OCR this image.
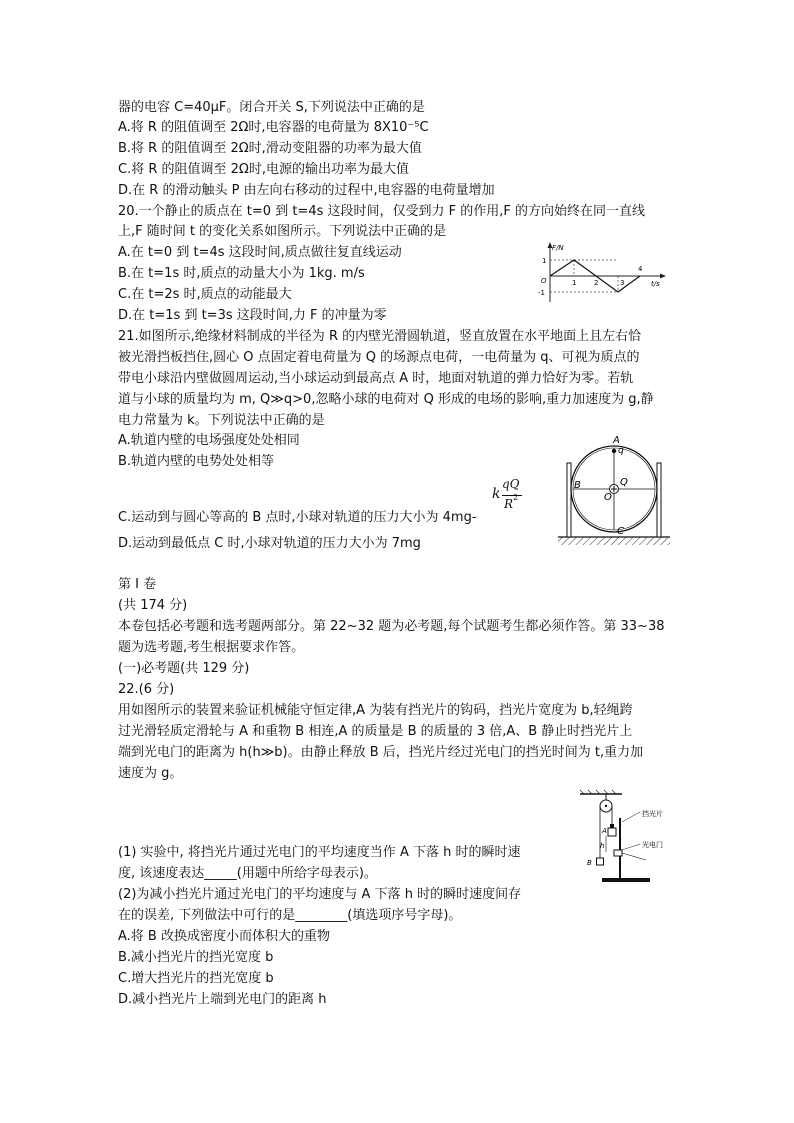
器的电容 C=40μF。闭合开关 S,下列说法中正确的是
A.将 R 的阻值调至 2Ω时,电容器的电荷量为 8X10⁻⁵C
B.将 R 的阻值调至 2Ω时,滑动变阻器的功率为最大值
C.将 R 的阻值调至 2Ω时,电源的输出功率为最大值
D.在 R 的滑动触头 P 由左向右移动的过程中,电容器的电荷量增加
20.一个静止的质点在 t=0 到 t=4s 这段时间，仅受到力 F 的作用,F 的方向始终在同一直线
上,F 随时间 t 的变化关系如图所示。下列说法中正确的是
A.在 t=0 到 t=4s 这段时间,质点做往复直线运动
B.在 t=1s 时,质点的动量大小为 1kg. m/s
C.在 t=2s 时,质点的动能最大
D.在 t=1s 到 t=3s 这段时间,力 F 的冲量为零
F/N
t/s
O
1
-1
1	2	3
4
21.如图所示,绝缘材料制成的半径为 R 的内壁光滑圆轨道，竖直放置在水平地面上且左右恰
被光滑挡板挡住,圆心 O 点固定着电荷量为 Q 的场源点电荷，一电荷量为 q、可视为质点的
带电小球沿内壁做圆周运动,当小球运动到最高点 A 时，地面对轨道的弹力恰好为零。若轨
道与小球的质量均为 m, Q≫q>0,忽略小球的电荷对 Q 形成的电场的影响,重力加速度为 g,静
电力常量为 k。下列说法中正确的是
A.轨道内壁的电场强度处处相同
B.轨道内壁的电势处处相等
C.运动到与圆心等高的 B 点时,小球对轨道的压力大小为 4mg-
D.运动到最低点 C 时,小球对轨道的压力大小为 7mg
k
qQ
R 2
A
q
B	Q
O
C
第 I 卷
(共 174 分)
本卷包括必考题和选考题两部分。第 22~32 题为必考题,每个试题考生都必须作答。第 33~38
题为选考题,考生根据要求作答。
(一)必考题(共 129 分)
22.(6 分)
用如图所示的装置来验证机械能守恒定律,A 为装有挡光片的钩码，挡光片宽度为 b,轻绳跨
过光滑轻质定滑轮与 A 和重物 B 相连,A 的质量是 B 的质量的 3 倍,A、B 静止时挡光片上
端到光电门的距离为 h(h≫b)。由静止释放 B 后，挡光片经过光电门的挡光时间为 t,重力加
速度为 g。
(1) 实验中, 将挡光片通过光电门的平均速度当作 A 下落 h 时的瞬时速
度, 该速度表达_____(用题中所给字母表示)。
(2)为减小挡光片通过光电门的平均速度与 A 下落 h 时的瞬时速度间存
在的误差, 下列做法中可行的是________(填选项序号字母)。
A.将 B 改换成密度小而体积大的重物
B.减小挡光片的挡光宽度 b
C.增大挡光片的挡光宽度 b
D.减小挡光片上端到光电门的距离 h
B
A
h
挡光片
光电门
